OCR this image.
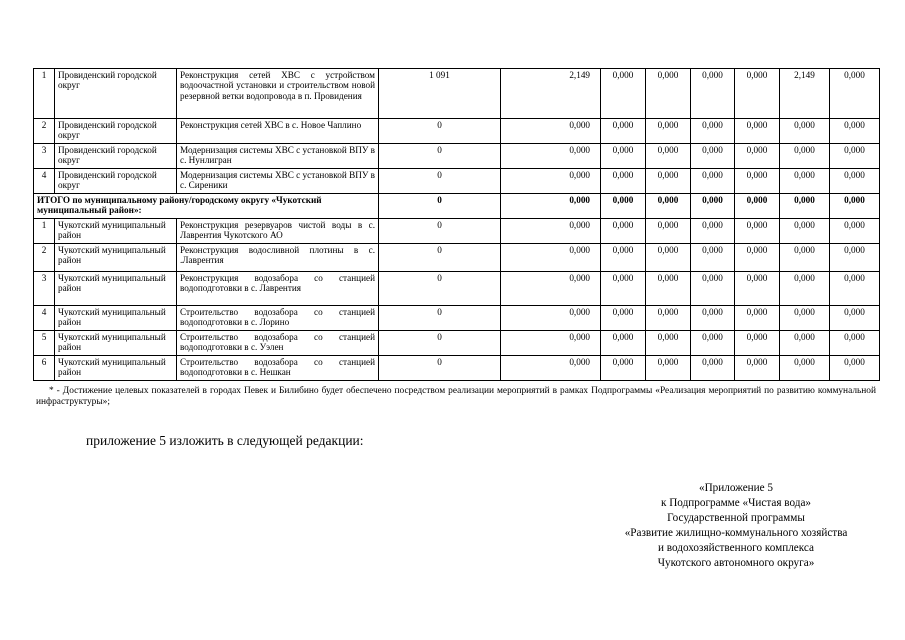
1	Провиденский городской округ	Реконструкция сетей ХВС с устройством водоочастной установки и строительством новой резервной ветки водопровода в п. Провидения	1 091	2,149	0,000	0,000	0,000	0,000	2,149	0,000
2	Провиденский городской округ	Реконструкция сетей ХВС в с. Новое Чаплино	0	0,000	0,000	0,000	0,000	0,000	0,000	0,000
3	Провиденский городской округ	Модернизация системы ХВС с установкой ВПУ в с. Нунлигран	0	0,000	0,000	0,000	0,000	0,000	0,000	0,000
4	Провиденский городской округ	Модернизация системы ХВС с установкой ВПУ в с. Сиреники	0	0,000	0,000	0,000	0,000	0,000	0,000	0,000
ИТОГО по муниципальному району/городскому округу «Чукотский муниципальный район»:			0	0,000	0,000	0,000	0,000	0,000	0,000	0,000
1	Чукотский муниципальный район	Реконструкция резервуаров чистой воды в с. Лаврентия Чукотского АО	0	0,000	0,000	0,000	0,000	0,000	0,000	0,000
2	Чукотский муниципальный район	Реконструкция водосливной плотины в с. .Лаврентия	0	0,000	0,000	0,000	0,000	0,000	0,000	0,000
3	Чукотский муниципальный район	Реконструкция водозабора со станцией водоподготовки в с. Лаврентия	0	0,000	0,000	0,000	0,000	0,000	0,000	0,000
4	Чукотский муниципальный район	Строительство водозабора со станцией водоподготовки в с. Лорино	0	0,000	0,000	0,000	0,000	0,000	0,000	0,000
5	Чукотский муниципальный район	Строительство водозабора со станцией водоподготовки в с. Уэлен	0	0,000	0,000	0,000	0,000	0,000	0,000	0,000
6	Чукотский муниципальный район	Строительство водозабора со станцией водоподготовки в с. Нешкан	0	0,000	0,000	0,000	0,000	0,000	0,000	0,000
* - Достижение целевых показателей в городах Певек и Билибино будет обеспечено посредством реализации мероприятий в рамках Подпрограммы «Реализация мероприятий по развитию коммунальной инфраструктуры»;
приложение 5 изложить в следующей редакции:
«Приложение 5
к Подпрограмме «Чистая вода»
Государственной программы
«Развитие жилищно-коммунального хозяйства
и водохозяйственного комплекса
Чукотского автономного округа»
